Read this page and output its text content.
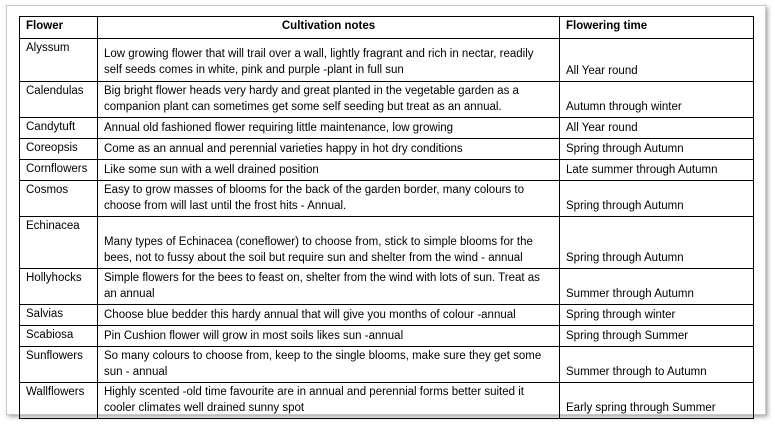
Flower	Cultivation notes	Flowering time
Alyssum	Low growing flower that will trail over a wall, lightly fragrant and rich in nectar, readily self seeds comes in white, pink and purple -plant in full sun	All Year round
Calendulas	Big bright flower heads very hardy and great planted in the vegetable garden as a companion plant can sometimes get some self seeding but treat as an annual.	Autumn through winter
Candytuft	Annual old fashioned flower requiring little maintenance, low growing	All Year round
Coreopsis	Come as an annual and perennial varieties happy in hot dry conditions	Spring through Autumn
Cornflowers	Like some sun with a well drained position	Late summer through Autumn
Cosmos	Easy to grow masses of blooms for the back of the garden border, many colours to choose from will last until the frost hits - Annual.	Spring through Autumn
Echinacea	Many types of Echinacea (coneflower) to choose from, stick to simple blooms for the bees, not to fussy about the soil but require sun and shelter from the wind - annual	Spring through Autumn
Hollyhocks	Simple flowers for the bees to feast on, shelter from the wind with lots of sun. Treat as an annual	Summer through Autumn
Salvias	Choose blue bedder this hardy annual that will give you months of colour -annual	Spring through winter
Scabiosa	Pin Cushion flower will grow in most soils likes sun -annual	Spring through Summer
Sunflowers	So many colours to choose from, keep to the single blooms, make sure they get some sun - annual	Summer through to Autumn
Wallflowers	Highly scented -old time favourite are in annual and perennial forms better suited it cooler climates well drained sunny spot	Early spring through Summer
